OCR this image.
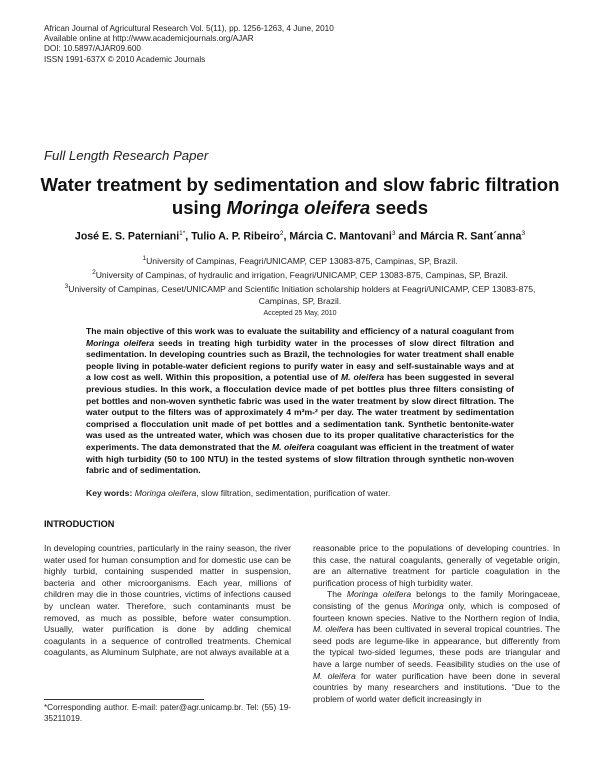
African Journal of Agricultural Research Vol. 5(11), pp. 1256-1263, 4 June, 2010
Available online at http://www.academicjournals.org/AJAR
DOI: 10.5897/AJAR09.600
ISSN 1991-637X © 2010 Academic Journals
Full Length Research Paper
Water treatment by sedimentation and slow fabric filtration using Moringa oleifera seeds
José E. S. Paterniani$^{1*}$, Tulio A. P. Ribeiro$^2$, Márcia C. Mantovani$^3$ and Márcia R. Sant´anna$^3$
$^1$University of Campinas, Feagri/UNICAMP, CEP 13083-875, Campinas, SP, Brazil.
$^2$University of Campinas, of hydraulic and irrigation, Feagri/UNICAMP, CEP 13083-875, Campinas, SP, Brazil.
$^3$University of Campinas, Ceset/UNICAMP and Scientific Initiation scholarship holders at Feagri/UNICAMP, CEP 13083-875, Campinas, SP, Brazil.
Accepted 25 May, 2010
The main objective of this work was to evaluate the suitability and efficiency of a natural coagulant from Moringa oleifera seeds in treating high turbidity water in the processes of slow direct filtration and sedimentation. In developing countries such as Brazil, the technologies for water treatment shall enable people living in potable-water deficient regions to purify water in easy and self-sustainable ways and at a low cost as well. Within this proposition, a potential use of M. oleifera has been suggested in several previous studies. In this work, a flocculation device made of pet bottles plus three filters consisting of pet bottles and non-woven synthetic fabric was used in the water treatment by slow direct filtration. The water output to the filters was of approximately 4 m³m-² per day. The water treatment by sedimentation comprised a flocculation unit made of pet bottles and a sedimentation tank. Synthetic bentonite-water was used as the untreated water, which was chosen due to its proper qualitative characteristics for the experiments. The data demonstrated that the M. oleifera coagulant was efficient in the treatment of water with high turbidity (50 to 100 NTU) in the tested systems of slow filtration through synthetic non-woven fabric and of sedimentation.
Key words: Moringa oleifera, slow filtration, sedimentation, purification of water.
INTRODUCTION
In developing countries, particularly in the rainy season, the river water used for human consumption and for domestic use can be highly turbid, containing suspended matter in suspension, bacteria and other microorganisms. Each year, millions of children may die in those countries, victims of infections caused by unclean water. Therefore, such contaminants must be removed, as much as possible, before water consumption. Usually, water purification is done by adding chemical coagulants in a sequence of controlled treatments. Chemical coagulants, as Aluminum Sulphate, are not always available at a
reasonable price to the populations of developing countries. In this case, the natural coagulants, generally of vegetable origin, are an alternative treatment for particle coagulation in the purification process of high turbidity water.
The Moringa oleifera belongs to the family Moringaceae, consisting of the genus Moringa only, which is composed of fourteen known species. Native to the Northern region of India, M. oleifera has been cultivated in several tropical countries. The seed pods are legume-like in appearance, but differently from the typical two-sided legumes, these pods are triangular and have a large number of seeds. Feasibility studies on the use of M. oleifera for water purification have been done in several countries by many researchers and institutions. “Due to the problem of world water deficit increasingly in
*Corresponding author. E-mail: pater@agr.unicamp.br. Tel: (55) 19-35211019.
